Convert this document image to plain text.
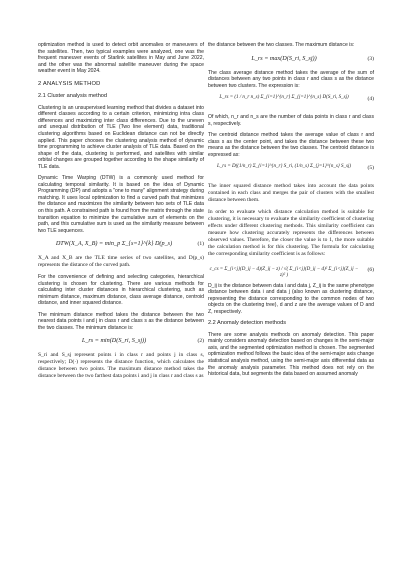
optimization method is used to detect orbit anomalies or maneuvers of the satellites. Then, two typical examples were analyzed, one was the frequent maneuver events of Starlink satellites in May and June 2022, and the other was the abnormal satellite maneuver during the space weather event in May 2024.

2 ANALYSIS METHOD
2.1 Cluster analysis method

Clustering is an unsupervised learning method that divides a dataset into different classes according to a certain criterion, minimizing intra class differences and maximizing inter class differences. Due to the uneven and unequal distribution of TLE (Two line element) data, traditional clustering algorithms based on Euclidean distance can not be directly applied. This paper chooses the clustering analysis method of dynamic time programming to achieve cluster analysis of TLE data. Based on the shape of the data, clustering is performed, and satellites with similar orbital changes are grouped together according to the shape similarity of TLE data.

Dynamic Time Warping (DTW) is a commonly used method for calculating temporal similarity. It is based on the idea of Dynamic Programming (DP) and adopts a "one to many" alignment strategy during matching. It uses local optimization to find a curved path that minimizes the distance and maximizes the similarity between two sets of TLE data on this path. A constrained path is found from the matrix through the state transition equation to minimize the cumulative sum of elements on the path, and this cumulative sum is used as the similarity measure between two TLE sequences.

DTW(X_A, X_B) = min_p Σ_{s=1}^{k} D(p_s)	(1)

X_A and X_B are the TLE time series of two satellites, and D(p_s) represents the distance of the curved path.

For the convenience of defining and selecting categories, hierarchical clustering is chosen for clustering. There are various methods for calculating inter cluster distances in hierarchical clustering, such as minimum distance, maximum distance, class average distance, centroid distance, and inner squared distance.

The minimum distance method takes the distance between the two nearest data points i and j in class r and class s as the distance between the two classes. The minimum distance is:

L_rs = min(D(S_ri, S_sj))	(2)

S_ri and S_sj represent points i in class r and points j in class s, respectively; D(·) represents the distance function, which calculates the distance between two points. The maximum distance method takes the distance between the two farthest data points i and j in class r and class s as

the distance between the two classes. The maximum distance is:

L_rs = max(D(S_ri, S_sj))	(3)

The class average distance method takes the average of the sum of distances between any two points in class r and class s as the distance between two clusters. The expression is:

L_rs = (1 / n_r n_s) Σ_{i=1}^{n_r} Σ_{j=1}^{n_s} D(S_ri, S_sj)	(4)

Of which, n_r and n_s are the number of data points in class r and class s, respectively.

The centroid distance method takes the average value of class r and class s as the center point, and takes the distance between these two means as the distance between the two classes. The centroid distance is expressed as:

L_rs = D((1/n_r) Σ_{i=1}^{n_r} S_ri, (1/n_s) Σ_{j=1}^{n_s} S_sj)	(5)

The inner squared distance method takes into account the data points contained in each class and merges the pair of clusters with the smallest distance between them.

In order to evaluate which distance calculation method is suitable for clustering, it is necessary to evaluate the similarity coefficient of clustering effects under different clustering methods. This similarity coefficient can measure how clustering accurately represents the differences between observed values. Therefore, the closer the value is to 1, the more suitable the calculation method is for this clustering. The formula for calculating the corresponding similarity coefficient is as follows:

c_cs = Σ_{i<j}(D_ij − d)(Z_ij − z) / √( Σ_{i<j}(D_ij − d)² Σ_{i<j}(Z_ij − z)² )
(6)

D_ij is the distance between data i and data j, Z_ij is the same phenotype distance between data i and data j (also known as clustering distance, representing the distance corresponding to the common nodes of two objects on the clustering tree), d and z are the average values of D and Z, respectively.

2.2 Anomaly detection methods

There are some analysis methods on anomaly detection. This paper mainly considers anomaly detection based on changes in the semi-major axis, and the segmented optimization method is chosen. The segmented optimization method follows the basic idea of the semi-major axis change statistical analysis method, using the semi-major axis differential data as the anomaly analysis parameter. This method does not rely on the historical data, but segments the data based on assumed anomaly
